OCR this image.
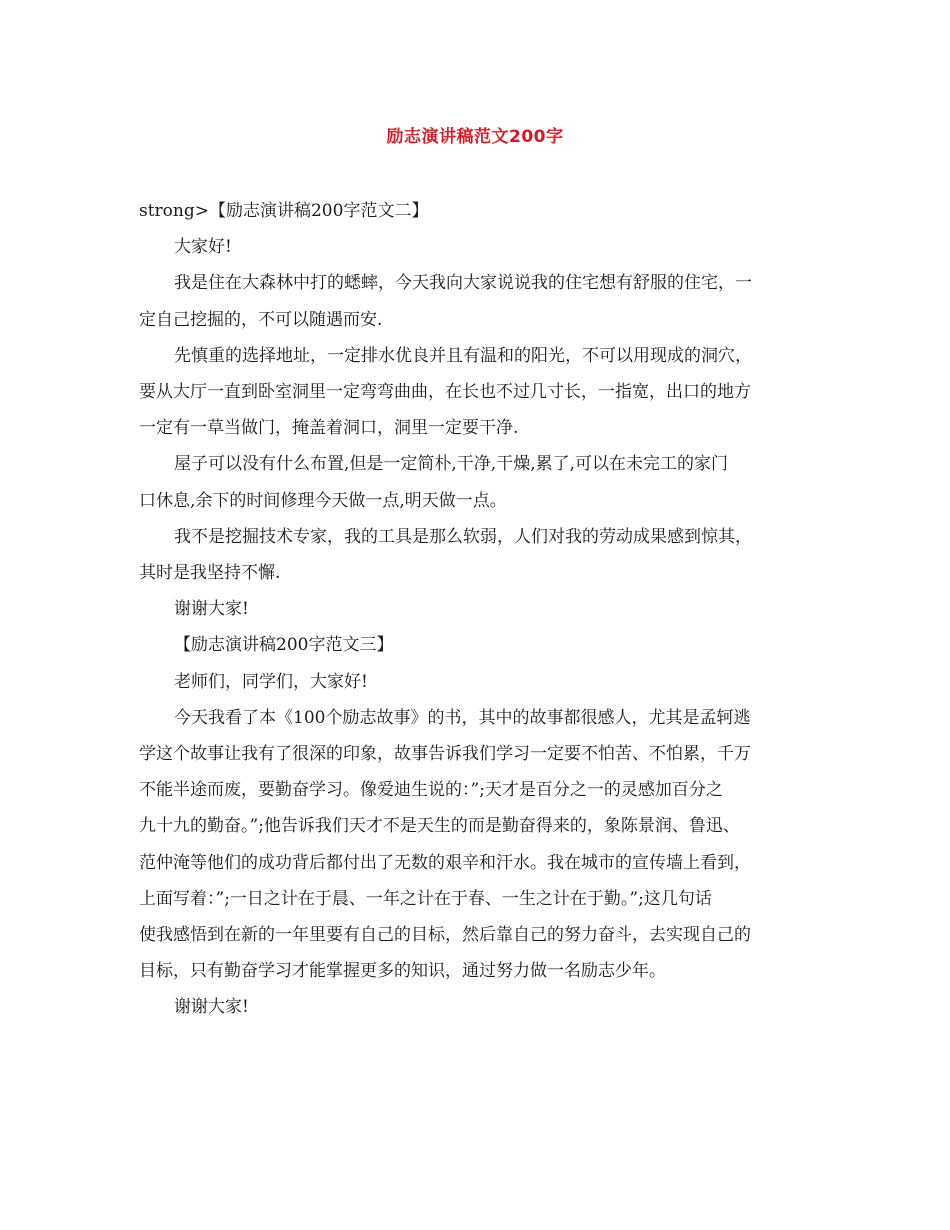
励志演讲稿范文200字

strong>【励志演讲稿200字范文二】

大家好!

我是住在大森林中打的蟋蟀，今天我向大家说说我的住宅想有舒服的住宅，一

定自己挖掘的，不可以随遇而安.

先慎重的选择地址，一定排水优良并且有温和的阳光，不可以用现成的洞穴，

要从大厅一直到卧室洞里一定弯弯曲曲，在长也不过几寸长，一指宽，出口的地方

一定有一草当做门，掩盖着洞口，洞里一定要干净.

屋子可以没有什么布置,但是一定简朴,干净,干燥,累了,可以在未完工的家门

口休息,余下的时间修理今天做一点,明天做一点。

我不是挖掘技术专家，我的工具是那么软弱，人们对我的劳动成果感到惊其，

其时是我坚持不懈.

谢谢大家!

【励志演讲稿200字范文三】

老师们，同学们，大家好!

今天我看了本《100个励志故事》的书，其中的故事都很感人，尤其是孟轲逃

学这个故事让我有了很深的印象，故事告诉我们学习一定要不怕苦、不怕累，千万

不能半途而废，要勤奋学习。像爱迪生说的：”;天才是百分之一的灵感加百分之

九十九的勤奋。”;他告诉我们天才不是天生的而是勤奋得来的，象陈景润、鲁迅、

范仲淹等他们的成功背后都付出了无数的艰辛和汗水。我在城市的宣传墙上看到，

上面写着：”;一日之计在于晨、一年之计在于春、一生之计在于勤。”;这几句话

使我感悟到在新的一年里要有自己的目标，然后靠自己的努力奋斗，去实现自己的

目标，只有勤奋学习才能掌握更多的知识，通过努力做一名励志少年。

谢谢大家!
